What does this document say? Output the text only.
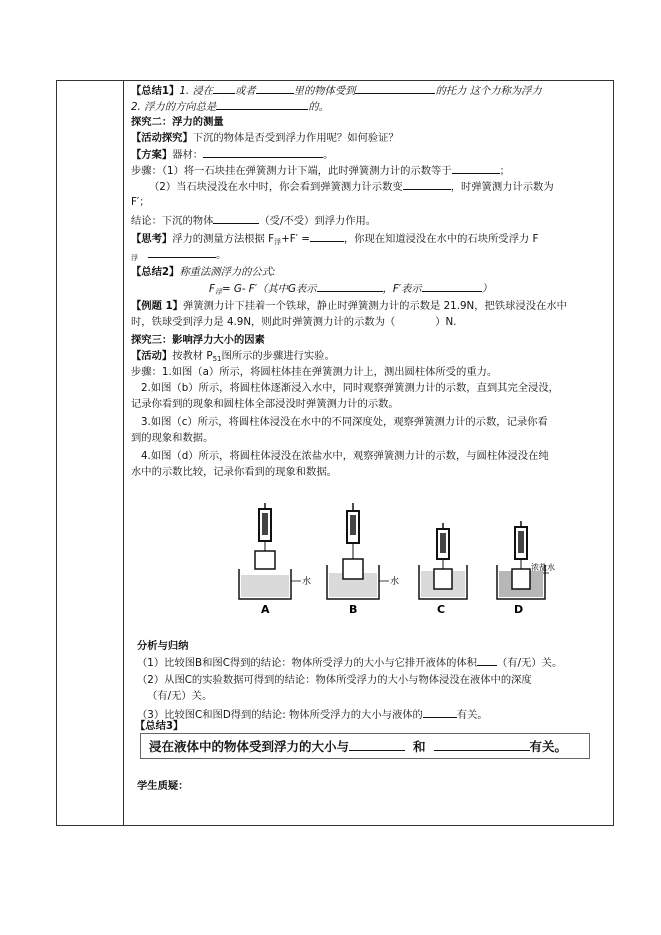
【总结1】1. 浸在 或者	里的物体受到	的托力 这个力称为浮力
2. 浮力的方向总是	的。
探究二：浮力的测量
【活动探究】下沉的物体是否受到浮力作用呢？如何验证？
【方案】器材：	。
步骤：（1）将一石块挂在弹簧测力计下端，此时弹簧测力计的示数等于	；
（2）当石块浸没在水中时，你会看到弹簧测力计示数变	，时弹簧测力计示数为
F′；
结论：下沉的物体	（受/不受）到浮力作用。
【思考】浮力的测量方法根据 $F_浮+F'$ =	，你现在知道浸没在水中的石块所受浮力 F
$_浮$	。
【总结2】称重法测浮力的公式:
$F_浮= G-$ F′（其中G表示	，F′表示	）
【例题 1】弹簧测力计下挂着一个铁球，静止时弹簧测力计的示数是 21.9N，把铁球浸没在水中
时，铁球受到浮力是 4.9N，则此时弹簧测力计的示数为（	）N.
探究三：影响浮力大小的因素
【活动】按教材 $P_{51}$图所示的步骤进行实验。
步骤：1.如图（a）所示，将圆柱体挂在弹簧测力计上，测出圆柱体所受的重力。
2.如图（b）所示，将圆柱体逐渐浸入水中，同时观察弹簧测力计的示数，直到其完全浸没，
记录你看到的现象和圆柱体全部浸没时弹簧测力计的示数。
3.如图（c）所示，将圆柱体浸没在水中的不同深度处，观察弹簧测力计的示数，记录你看
到的现象和数据。
4.如图（d）所示，将圆柱体浸没在浓盐水中，观察弹簧测力计的示数，与圆柱体浸没在纯
水中的示数比较，记录你看到的现象和数据。
水
A
水
B	C	D
浓盐水
分析与归纳
（1）比较图B和图C得到的结论：物体所受浮力的大小与它排开液体的体积 （有/无）关。
（2）从图C的实验数据可得到的结论：物体所受浮力的大小与物体浸没在液体中的深度
（有/无）关。
（3）比较图C和图D得到的结论: 物体所受浮力的大小与液体的	有关。
【总结3】
浸在液体中的物体受到浮力的大小与	和	有关。
学生质疑：
